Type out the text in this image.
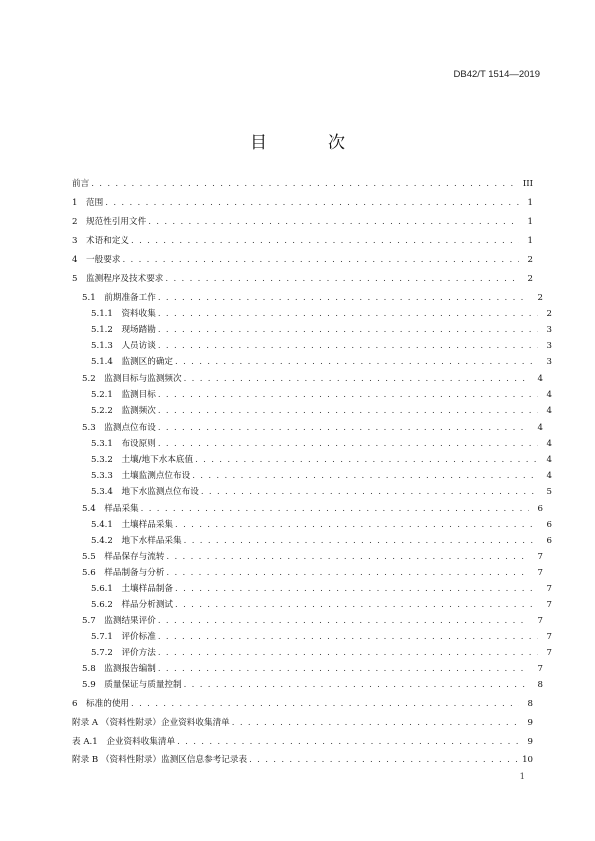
DB42/T 1514—2019
目　次
前言 . . .	III
1　范围 . . .	1
2　规范性引用文件 . . .	1
3　术语和定义 . . .	1
4　一般要求 . . .	2
5　监测程序及技术要求 . . .	2
5.1　前期准备工作 . . .	2
5.1.1　资料收集 . . .	2
5.1.2　现场踏勘 . . .	3
5.1.3　人员访谈 . . .	3
5.1.4　监测区的确定 . . .	3
5.2　监测目标与监测频次 . . .	4
5.2.1　监测目标 . . .	4
5.2.2　监测频次 . . .	4
5.3　监测点位布设 . . .	4
5.3.1　布设原则 . . .	4
5.3.2　土壤/地下水本底值 . . .	4
5.3.3　土壤监测点位布设 . . .	4
5.3.4　地下水监测点位布设 . . .	5
5.4　样品采集 . . .	6
5.4.1　土壤样品采集 . . .	6
5.4.2　地下水样品采集 . . .	6
5.5　样品保存与流转 . . .	7
5.6　样品制备与分析 . . .	7
5.6.1　土壤样品制备 . . .	7
5.6.2　样品分析测试 . . .	7
5.7　监测结果评价 . . .	7
5.7.1　评价标准 . . .	7
5.7.2　评价方法 . . .	7
5.8　监测报告编制 . . .	7
5.9　质量保证与质量控制 . . .	8
6　标准的使用 . . .	8
附录 A （资料性附录）企业资料收集清单 . . .	9
表 A.1　企业资料收集清单 . . .	9
附录 B （资料性附录）监测区信息参考记录表 . . .	10
1
